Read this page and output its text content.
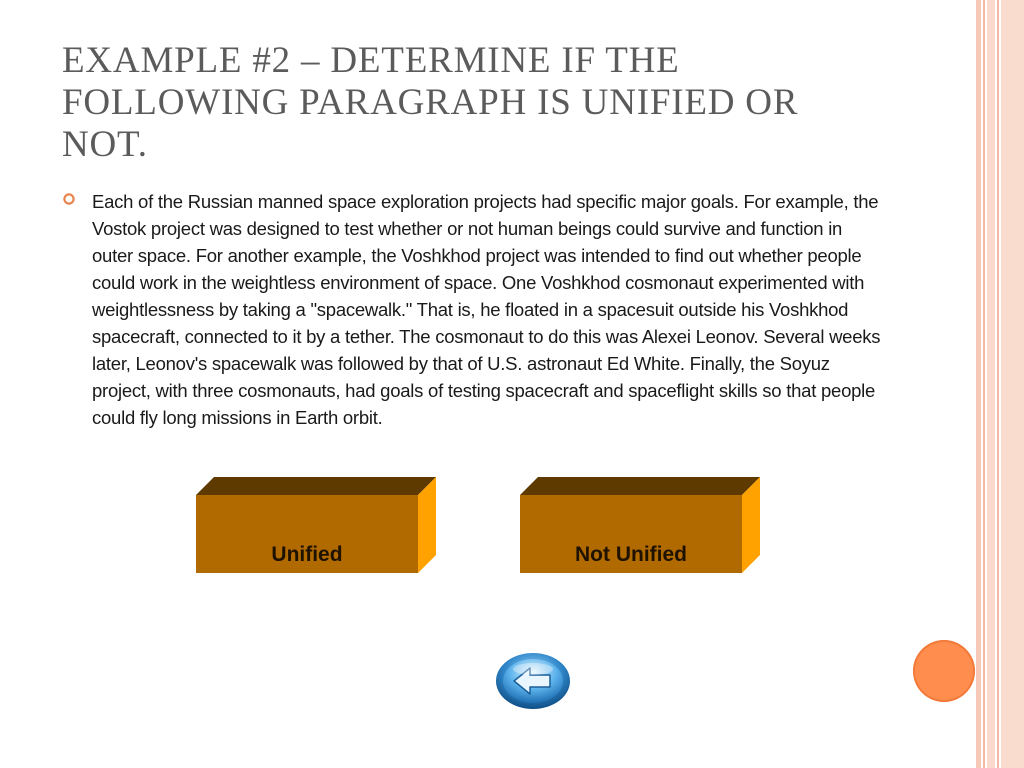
EXAMPLE #2 – DETERMINE IF THE FOLLOWING PARAGRAPH IS UNIFIED OR NOT.

Each of the Russian manned space exploration projects had specific major goals. For example, the Vostok project was designed to test whether or not human beings could survive and function in outer space. For another example, the Voshkhod project was intended to find out whether people could work in the weightless environment of space. One Voshkhod cosmonaut experimented with weightlessness by taking a "spacewalk." That is, he floated in a spacesuit outside his Voshkhod spacecraft, connected to it by a tether. The cosmonaut to do this was Alexei Leonov. Several weeks later, Leonov's spacewalk was followed by that of U.S. astronaut Ed White. Finally, the Soyuz project, with three cosmonauts, had goals of testing spacecraft and spaceflight skills so that people could fly long missions in Earth orbit.

Unified	Not Unified
